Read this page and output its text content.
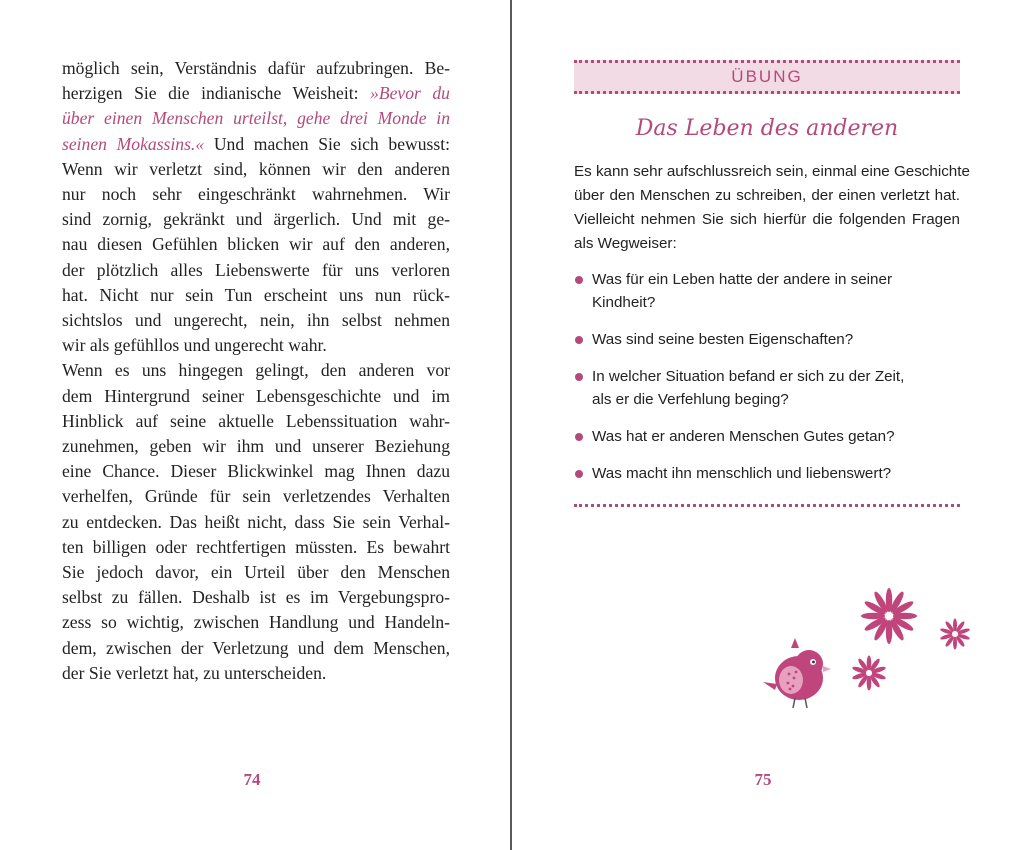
möglich sein, Verständnis dafür aufzubringen. Be-
herzigen Sie die indianische Weisheit: »Bevor du
über einen Menschen urteilst, gehe drei Monde in
seinen Mokassins.« Und machen Sie sich bewusst:
Wenn wir verletzt sind, können wir den anderen
nur noch sehr eingeschränkt wahrnehmen. Wir
sind zornig, gekränkt und ärgerlich. Und mit ge-
nau diesen Gefühlen blicken wir auf den anderen,
der plötzlich alles Liebenswerte für uns verloren
hat. Nicht nur sein Tun erscheint uns nun rück-
sichtslos und ungerecht, nein, ihn selbst nehmen
wir als gefühllos und ungerecht wahr.
Wenn es uns hingegen gelingt, den anderen vor
dem Hintergrund seiner Lebensgeschichte und im
Hinblick auf seine aktuelle Lebenssituation wahr-
zunehmen, geben wir ihm und unserer Beziehung
eine Chance. Dieser Blickwinkel mag Ihnen dazu
verhelfen, Gründe für sein verletzendes Verhalten
zu entdecken. Das heißt nicht, dass Sie sein Verhal-
ten billigen oder rechtfertigen müssten. Es bewahrt
Sie jedoch davor, ein Urteil über den Menschen
selbst zu fällen. Deshalb ist es im Vergebungspro-
zess so wichtig, zwischen Handlung und Handeln-
dem, zwischen der Verletzung und dem Menschen,
der Sie verletzt hat, zu unterscheiden.
74
ÜBUNG
Das Leben des anderen
Es kann sehr aufschlussreich sein, einmal eine Geschichte
über den Menschen zu schreiben, der einen verletzt hat.
Vielleicht nehmen Sie sich hierfür die folgenden Fragen
als Wegweiser:
Was für ein Leben hatte der andere in seiner
Kindheit?
Was sind seine besten Eigenschaften?
In welcher Situation befand er sich zu der Zeit,
als er die Verfehlung beging?
Was hat er anderen Menschen Gutes getan?
Was macht ihn menschlich und liebenswert?
75
